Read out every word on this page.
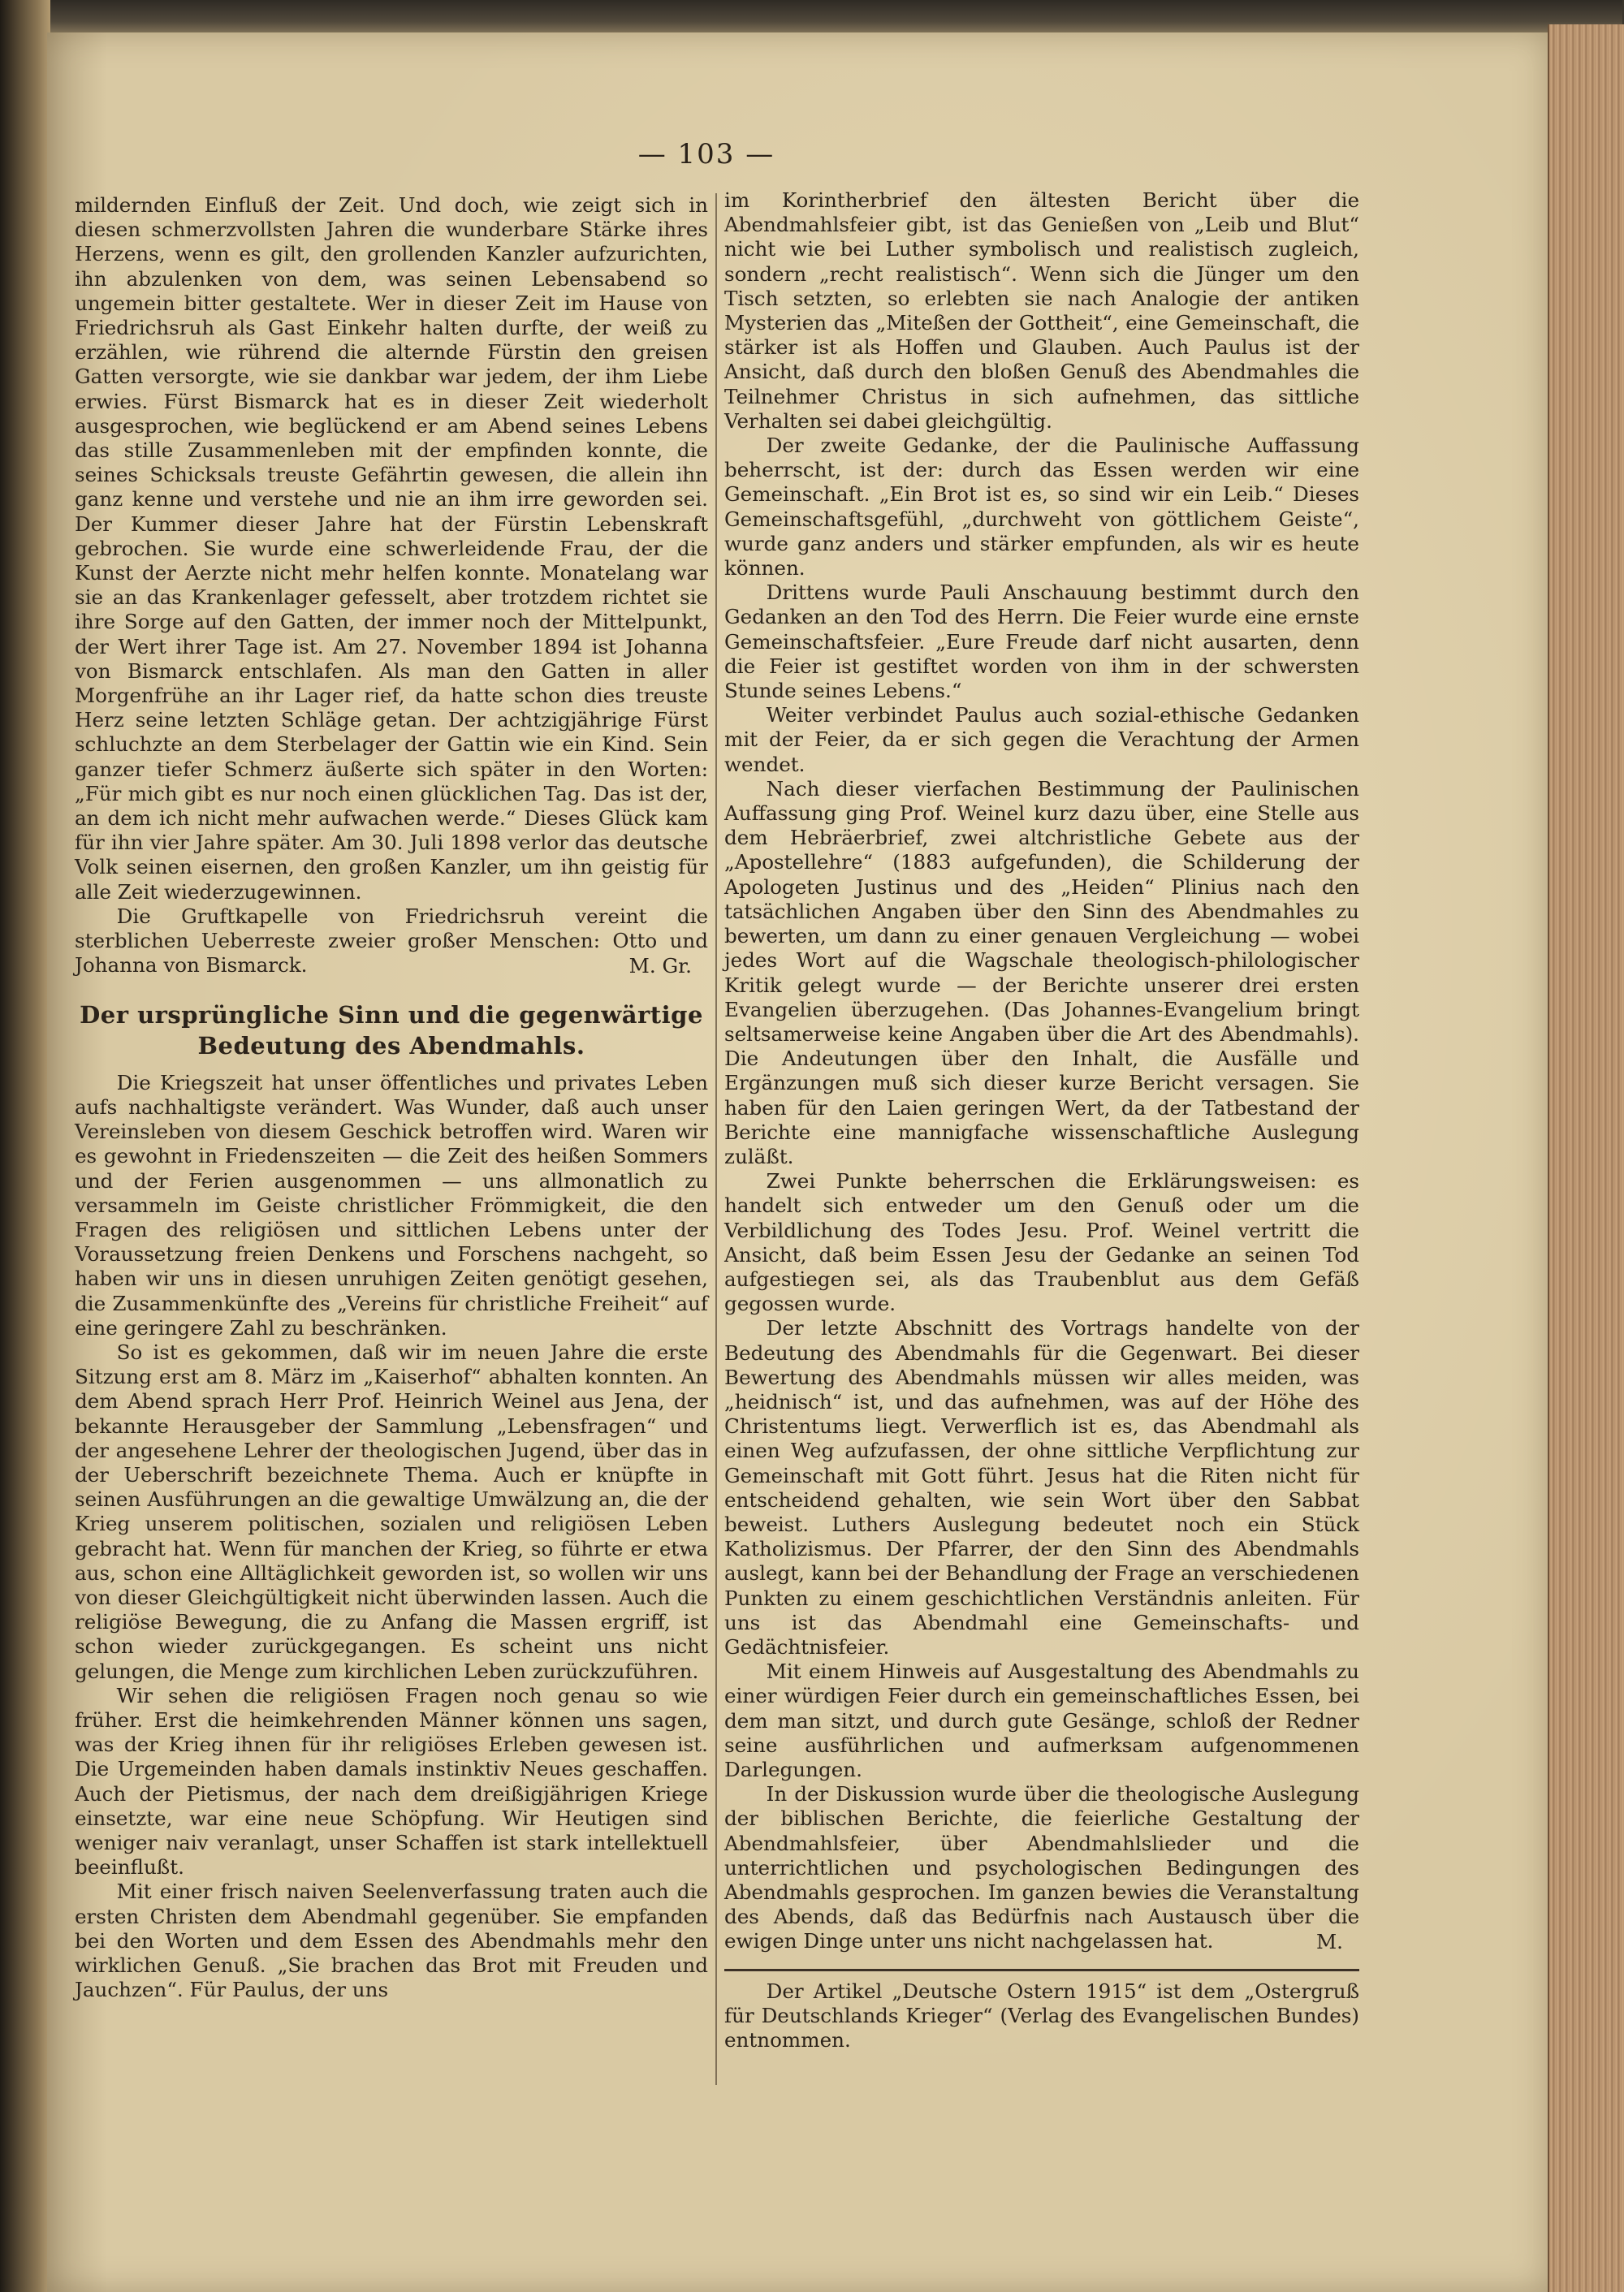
— 103 —

mildernden Einfluß der Zeit. Und doch, wie zeigt sich in diesen schmerzvollsten Jahren die wunderbare Stärke ihres Herzens, wenn es gilt, den grollenden Kanzler aufzurichten, ihn abzulenken von dem, was seinen Lebensabend so ungemein bitter gestaltete. Wer in dieser Zeit im Hause von Friedrichsruh als Gast Einkehr halten durfte, der weiß zu erzählen, wie rührend die alternde Fürstin den greisen Gatten versorgte, wie sie dankbar war jedem, der ihm Liebe erwies. Fürst Bismarck hat es in dieser Zeit wiederholt ausgesprochen, wie beglückend er am Abend seines Lebens das stille Zusammenleben mit der empfinden konnte, die seines Schicksals treuste Gefährtin gewesen, die allein ihn ganz kenne und verstehe und nie an ihm irre geworden sei. Der Kummer dieser Jahre hat der Fürstin Lebenskraft gebrochen. Sie wurde eine schwerleidende Frau, der die Kunst der Aerzte nicht mehr helfen konnte. Monatelang war sie an das Krankenlager gefesselt, aber trotzdem richtet sie ihre Sorge auf den Gatten, der immer noch der Mittelpunkt, der Wert ihrer Tage ist. Am 27. November 1894 ist Johanna von Bismarck entschlafen. Als man den Gatten in aller Morgenfrühe an ihr Lager rief, da hatte schon dies treuste Herz seine letzten Schläge getan. Der achtzigjährige Fürst schluchzte an dem Sterbelager der Gattin wie ein Kind. Sein ganzer tiefer Schmerz äußerte sich später in den Worten: „Für mich gibt es nur noch einen glücklichen Tag. Das ist der, an dem ich nicht mehr aufwachen werde.“ Dieses Glück kam für ihn vier Jahre später. Am 30. Juli 1898 verlor das deutsche Volk seinen eisernen, den großen Kanzler, um ihn geistig für alle Zeit wiederzugewinnen.

Die Gruftkapelle von Friedrichsruh vereint die sterblichen Ueberreste zweier großer Menschen: Otto und Johanna von Bismarck.	M. Gr.
Der ursprüngliche Sinn und die gegenwärtige Bedeutung des Abendmahls.

Die Kriegszeit hat unser öffentliches und privates Leben aufs nachhaltigste verändert. Was Wunder, daß auch unser Vereinsleben von diesem Geschick betroffen wird. Waren wir es gewohnt in Friedenszeiten — die Zeit des heißen Sommers und der Ferien ausgenommen — uns allmonatlich zu versammeln im Geiste christlicher Frömmigkeit, die den Fragen des religiösen und sittlichen Lebens unter der Voraussetzung freien Denkens und Forschens nachgeht, so haben wir uns in diesen unruhigen Zeiten genötigt gesehen, die Zusammenkünfte des „Vereins für christliche Freiheit“ auf eine geringere Zahl zu beschränken.

So ist es gekommen, daß wir im neuen Jahre die erste Sitzung erst am 8. März im „Kaiserhof“ abhalten konnten. An dem Abend sprach Herr Prof. Heinrich Weinel aus Jena, der bekannte Herausgeber der Sammlung „Lebensfragen“ und der angesehene Lehrer der theologischen Jugend, über das in der Ueberschrift bezeichnete Thema. Auch er knüpfte in seinen Ausführungen an die gewaltige Umwälzung an, die der Krieg unserem politischen, sozialen und religiösen Leben gebracht hat. Wenn für manchen der Krieg, so führte er etwa aus, schon eine Alltäglichkeit geworden ist, so wollen wir uns von dieser Gleichgültigkeit nicht überwinden lassen. Auch die religiöse Bewegung, die zu Anfang die Massen ergriff, ist schon wieder zurückgegangen. Es scheint uns nicht gelungen, die Menge zum kirchlichen Leben zurückzuführen.

Wir sehen die religiösen Fragen noch genau so wie früher. Erst die heimkehrenden Männer können uns sagen, was der Krieg ihnen für ihr religiöses Erleben gewesen ist. Die Urgemeinden haben damals instinktiv Neues geschaffen. Auch der Pietismus, der nach dem dreißigjährigen Kriege einsetzte, war eine neue Schöpfung. Wir Heutigen sind weniger naiv veranlagt, unser Schaffen ist stark intellektuell beeinflußt.

Mit einer frisch naiven Seelenverfassung traten auch die ersten Christen dem Abendmahl gegenüber. Sie empfanden bei den Worten und dem Essen des Abendmahls mehr den wirklichen Genuß. „Sie brachen das Brot mit Freuden und Jauchzen“. Für Paulus, der uns

im Korintherbrief den ältesten Bericht über die Abendmahlsfeier gibt, ist das Genießen von „Leib und Blut“ nicht wie bei Luther symbolisch und realistisch zugleich, sondern „recht realistisch“. Wenn sich die Jünger um den Tisch setzten, so erlebten sie nach Analogie der antiken Mysterien das „Miteßen der Gottheit“, eine Gemeinschaft, die stärker ist als Hoffen und Glauben. Auch Paulus ist der Ansicht, daß durch den bloßen Genuß des Abendmahles die Teilnehmer Christus in sich aufnehmen, das sittliche Verhalten sei dabei gleichgültig.

Der zweite Gedanke, der die Paulinische Auffassung beherrscht, ist der: durch das Essen werden wir eine Gemeinschaft. „Ein Brot ist es, so sind wir ein Leib.“ Dieses Gemeinschaftsgefühl, „durchweht von göttlichem Geiste“, wurde ganz anders und stärker empfunden, als wir es heute können.

Drittens wurde Pauli Anschauung bestimmt durch den Gedanken an den Tod des Herrn. Die Feier wurde eine ernste Gemeinschaftsfeier. „Eure Freude darf nicht ausarten, denn die Feier ist gestiftet worden von ihm in der schwersten Stunde seines Lebens.“

Weiter verbindet Paulus auch sozial-ethische Gedanken mit der Feier, da er sich gegen die Verachtung der Armen wendet.

Nach dieser vierfachen Bestimmung der Paulinischen Auffassung ging Prof. Weinel kurz dazu über, eine Stelle aus dem Hebräerbrief, zwei altchristliche Gebete aus der „Apostellehre“ (1883 aufgefunden), die Schilderung der Apologeten Justinus und des „Heiden“ Plinius nach den tatsächlichen Angaben über den Sinn des Abendmahles zu bewerten, um dann zu einer genauen Vergleichung — wobei jedes Wort auf die Wagschale theologisch-philologischer Kritik gelegt wurde — der Berichte unserer drei ersten Evangelien überzugehen. (Das Johannes-Evangelium bringt seltsamerweise keine Angaben über die Art des Abendmahls). Die Andeutungen über den Inhalt, die Ausfälle und Ergänzungen muß sich dieser kurze Bericht versagen. Sie haben für den Laien geringen Wert, da der Tatbestand der Berichte eine mannigfache wissenschaftliche Auslegung zuläßt.

Zwei Punkte beherrschen die Erklärungsweisen: es handelt sich entweder um den Genuß oder um die Verbildlichung des Todes Jesu. Prof. Weinel vertritt die Ansicht, daß beim Essen Jesu der Gedanke an seinen Tod aufgestiegen sei, als das Traubenblut aus dem Gefäß gegossen wurde.

Der letzte Abschnitt des Vortrags handelte von der Bedeutung des Abendmahls für die Gegenwart. Bei dieser Bewertung des Abendmahls müssen wir alles meiden, was „heidnisch“ ist, und das aufnehmen, was auf der Höhe des Christentums liegt. Verwerflich ist es, das Abendmahl als einen Weg aufzufassen, der ohne sittliche Verpflichtung zur Gemeinschaft mit Gott führt. Jesus hat die Riten nicht für entscheidend gehalten, wie sein Wort über den Sabbat beweist. Luthers Auslegung bedeutet noch ein Stück Katholizismus. Der Pfarrer, der den Sinn des Abendmahls auslegt, kann bei der Behandlung der Frage an verschiedenen Punkten zu einem geschichtlichen Verständnis anleiten. Für uns ist das Abendmahl eine Gemeinschafts- und Gedächtnisfeier.

Mit einem Hinweis auf Ausgestaltung des Abendmahls zu einer würdigen Feier durch ein gemeinschaftliches Essen, bei dem man sitzt, und durch gute Gesänge, schloß der Redner seine ausführlichen und aufmerksam aufgenommenen Darlegungen.

In der Diskussion wurde über die theologische Auslegung der biblischen Berichte, die feierliche Gestaltung der Abendmahlsfeier, über Abendmahlslieder und die unterrichtlichen und psychologischen Bedingungen des Abendmahls gesprochen. Im ganzen bewies die Veranstaltung des Abends, daß das Bedürfnis nach Austausch über die ewigen Dinge unter uns nicht nachgelassen hat.	M.

Der Artikel „Deutsche Ostern 1915“ ist dem „Ostergruß für Deutschlands Krieger“ (Verlag des Evangelischen Bundes) entnommen.
